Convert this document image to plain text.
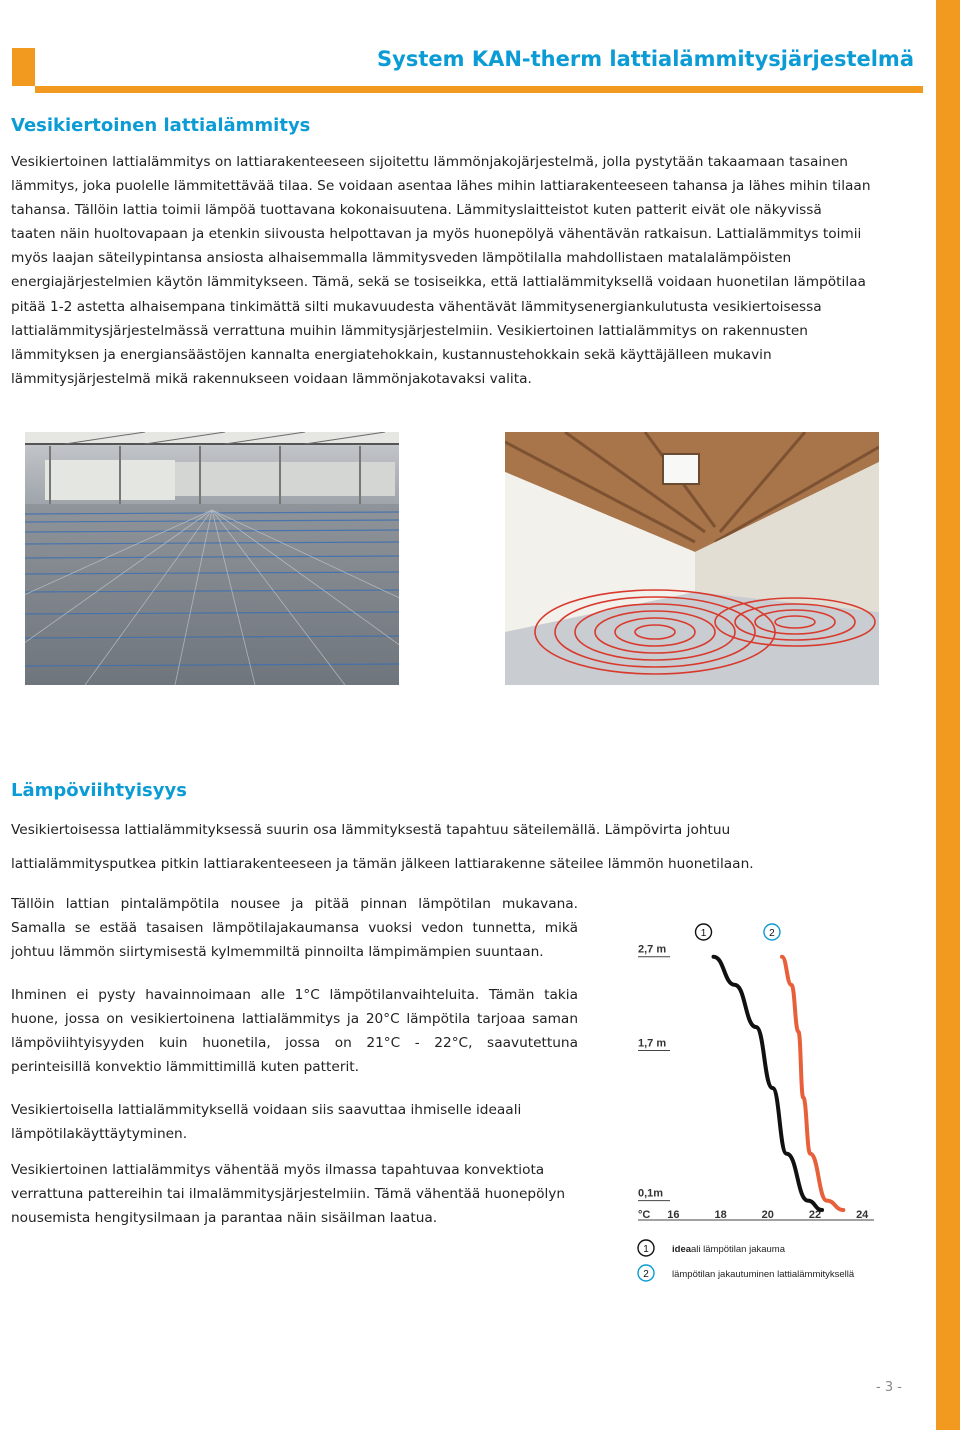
System KAN-therm lattialämmitysjärjestelmä
Vesikiertoinen lattialämmitys
Vesikiertoinen lattialämmitys on lattiarakenteeseen sijoitettu lämmönjakojärjestelmä, jolla pystytään takaamaan tasainen
lämmitys, joka puolelle lämmitettävää tilaa. Se voidaan asentaa lähes mihin lattiarakenteeseen tahansa ja lähes mihin tilaan
tahansa. Tällöin lattia toimii lämpöä tuottavana kokonaisuutena. Lämmityslaitteistot kuten patterit eivät ole näkyvissä
taaten näin huoltovapaan ja etenkin siivousta helpottavan ja myös huonepölyä vähentävän ratkaisun. Lattialämmitys toimii
myös laajan säteilypintansa ansiosta alhaisemmalla lämmitysveden lämpötilalla mahdollistaen matalalämpöisten
energiajärjestelmien käytön lämmitykseen. Tämä, sekä se tosiseikka, että lattialämmityksellä voidaan huonetilan lämpötilaa
pitää 1-2 astetta alhaisempana tinkimättä silti mukavuudesta vähentävät lämmitysenergiankulutusta vesikiertoisessa
lattialämmitysjärjestelmässä verrattuna muihin lämmitysjärjestelmiin. Vesikiertoinen lattialämmitys on rakennusten
lämmityksen ja energiansäästöjen kannalta energiatehokkain, kustannustehokkain sekä käyttäjälleen mukavin
lämmitysjärjestelmä mikä rakennukseen voidaan lämmönjakotavaksi valita.
Lämpöviihtyisyys

Vesikiertoisessa lattialämmityksessä suurin osa lämmityksestä tapahtuu säteilemällä. Lämpövirta johtuu

lattialämmitysputkea pitkin lattiarakenteeseen ja tämän jälkeen lattiarakenne säteilee lämmön huonetilaan.

Tällöin lattian pintalämpötila nousee ja pitää pinnan lämpötilan mukavana. Samalla se estää tasaisen lämpötilajakaumansa vuoksi vedon tunnetta, mikä johtuu lämmön siirtymisestä kylmemmiltä pinnoilta lämpimämpien suuntaan.

Ihminen ei pysty havainnoimaan alle 1°C lämpötilanvaihteluita. Tämän takia huone, jossa on vesikiertoinena lattialämmitys ja 20°C lämpötila tarjoaa saman lämpöviihtyisyyden kuin huonetila, jossa on 21°C - 22°C, saavutettuna perinteisillä konvektio lämmittimillä kuten patterit.

Vesikiertoisella lattialämmityksellä voidaan siis saavuttaa ihmiselle ideaali lämpötilakäyttäytyminen.

Vesikiertoinen lattialämmitys vähentää myös ilmassa tapahtuvaa konvektiota verrattuna pattereihin tai ilmalämmitysjärjestelmiin. Tämä vähentää huonepölyn nousemista hengitysilmaan ja parantaa näin sisäilman laatua.

2,7 m
1,7 m
0,1m
°C 16	18	20	22	24
1	2
1 ideaali lämpötilan jakauma
2 lämpötilan jakautuminen lattialämmityksellä
- 3 -
